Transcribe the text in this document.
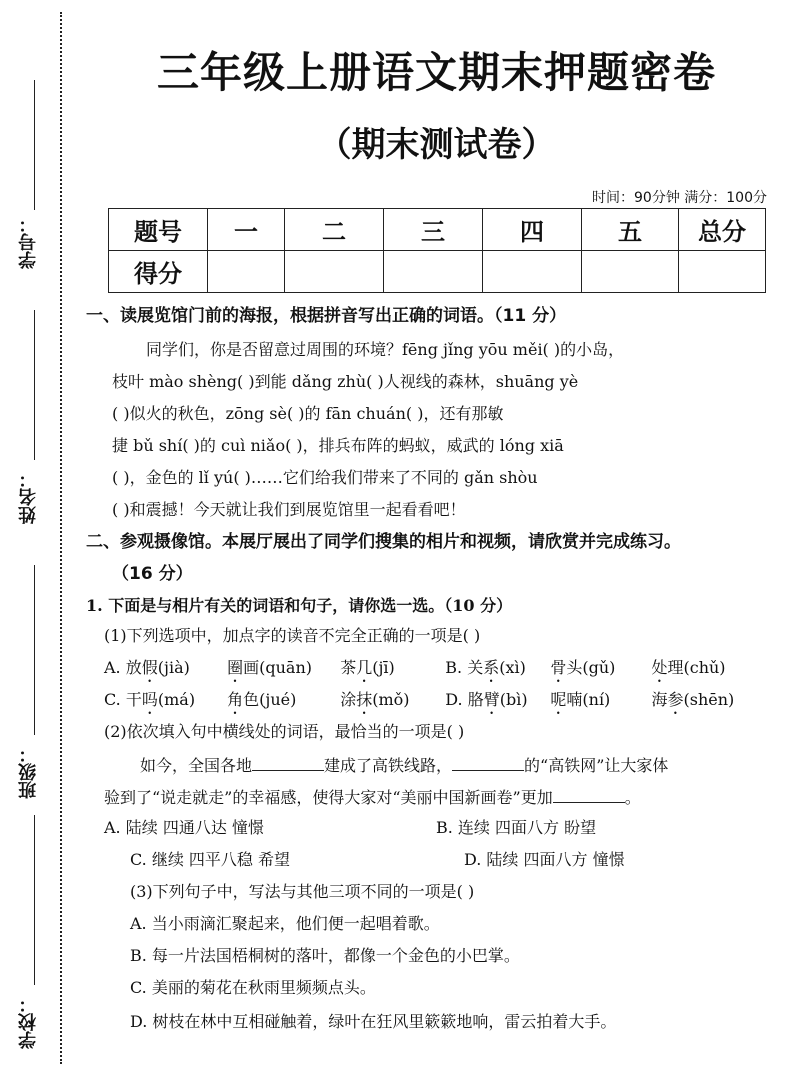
学号：
姓名：
班级：
学校：
三年级上册语文期末押题密卷
（期末测试卷）
时间：90分钟 满分：100分
题号	一	二	三	四	五	总分
得分						
一、读展览馆门前的海报，根据拼音写出正确的词语。（11 分）
同学们，你是否留意过周围的环境？fēng jǐng yōu měi( )的小岛，
枝叶 mào shèng( )到能 dǎng zhù( )人视线的森林，shuāng yè
( )似火的秋色，zōng sè( )的 fān chuán( )，还有那敏
捷 bǔ shí( )的 cuì niǎo( )，排兵布阵的蚂蚁，威武的 lóng xiā
( )，金色的 lǐ yú( )……它们给我们带来了不同的 gǎn shòu
( )和震撼！今天就让我们到展览馆里一起看看吧！
二、参观摄像馆。本展厅展出了同学们搜集的相片和视频，请欣赏并完成练习。
（16 分）
1. 下面是与相片有关的词语和句子，请你选一选。（10 分）
(1)下列选项中，加点字的读音不完全正确的一项是( )
A. 放假(jià) 圈画(quān) 茶几(jī)	B. 关系(xì) 骨头(gǔ) 处理(chǔ)
C. 干吗(má) 角色(jué)	涂抹(mǒ) D. 胳臂(bì) 呢喃(ní)	海参(shēn)
(2)依次填入句中横线处的词语，最恰当的一项是( )
如今，全国各地	建成了高铁线路，	的“高铁网”让大家体
验到了“说走就走”的幸福感，使得大家对“美丽中国新画卷”更加	。
A. 陆续 四通八达 憧憬	B. 连续 四面八方 盼望
C. 继续 四平八稳 希望	D. 陆续 四面八方 憧憬
(3)下列句子中，写法与其他三项不同的一项是( )
A. 当小雨滴汇聚起来，他们便一起唱着歌。
B. 每一片法国梧桐树的落叶，都像一个金色的小巴掌。
C. 美丽的菊花在秋雨里频频点头。
D. 树枝在林中互相碰触着，绿叶在狂风里簌簌地响，雷云拍着大手。
